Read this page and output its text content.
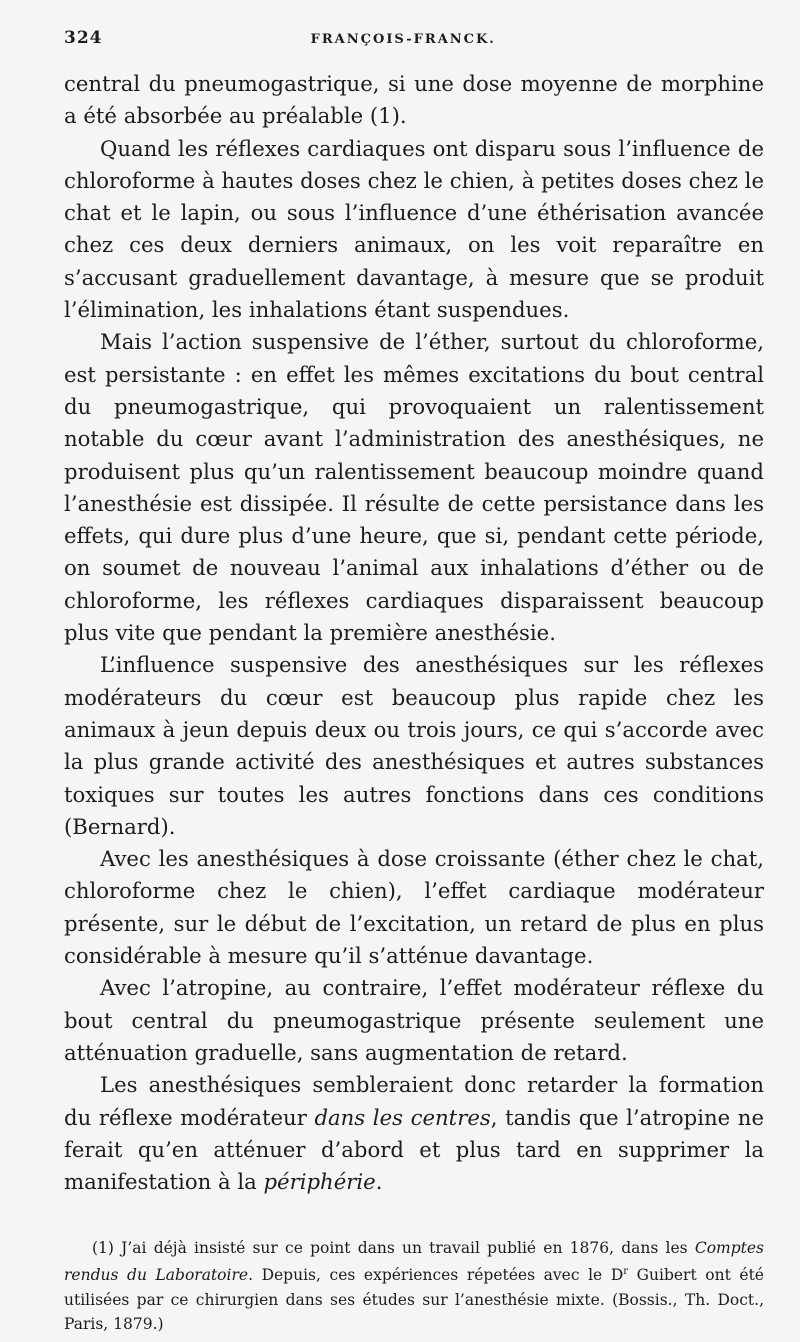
324	FRANÇOIS-FRANCK.

central du pneumogastrique, si une dose moyenne de morphine a été absorbée au préalable (1).

Quand les réflexes cardiaques ont disparu sous l’influence de chloroforme à hautes doses chez le chien, à petites doses chez le chat et le lapin, ou sous l’influence d’une éthérisation avancée chez ces deux derniers animaux, on les voit reparaître en s’accusant graduellement davantage, à mesure que se produit l’élimination, les inhalations étant suspendues.

Mais l’action suspensive de l’éther, surtout du chloroforme, est persistante : en effet les mêmes excitations du bout central du pneumogastrique, qui provoquaient un ralentissement notable du cœur avant l’administration des anesthésiques, ne produisent plus qu’un ralentissement beaucoup moindre quand l’anesthésie est dissipée. Il résulte de cette persistance dans les effets, qui dure plus d’une heure, que si, pendant cette période, on soumet de nouveau l’animal aux inhalations d’éther ou de chloroforme, les réflexes cardiaques disparaissent beaucoup plus vite que pendant la première anesthésie.

L’influence suspensive des anesthésiques sur les réflexes modérateurs du cœur est beaucoup plus rapide chez les animaux à jeun depuis deux ou trois jours, ce qui s’accorde avec la plus grande activité des anesthésiques et autres substances toxiques sur toutes les autres fonctions dans ces conditions (Bernard).

Avec les anesthésiques à dose croissante (éther chez le chat, chloroforme chez le chien), l’effet cardiaque modérateur présente, sur le début de l’excitation, un retard de plus en plus considérable à mesure qu’il s’atténue davantage.

Avec l’atropine, au contraire, l’effet modérateur réflexe du bout central du pneumogastrique présente seulement une atténuation graduelle, sans augmentation de retard.

Les anesthésiques sembleraient donc retarder la formation du réflexe modérateur dans les centres, tandis que l’atropine ne ferait qu’en atténuer d’abord et plus tard en supprimer la manifestation à la périphérie.

(1) J’ai déjà insisté sur ce point dans un travail publié en 1876, dans les Comptes rendus du Laboratoire. Depuis, ces expériences répetées avec le $D^r$ Guibert ont été utilisées par ce chirurgien dans ses études sur l’anesthésie mixte. (Bossis., Th. Doct., Paris, 1879.)
